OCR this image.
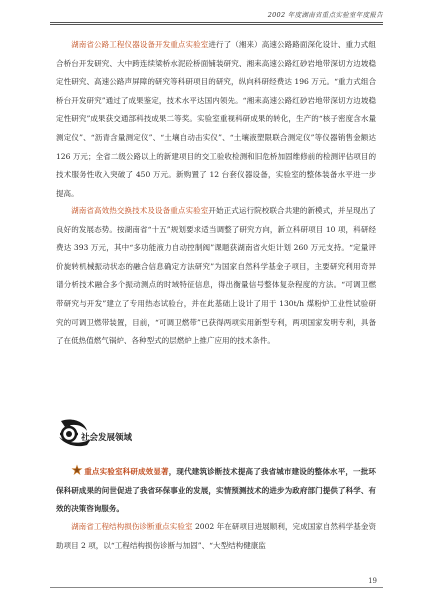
2002 年度湖南省重点实验室年度报告

湖南省公路工程仪器设备开发重点实验室进行了（湘来）高速公路路面深化设计、重力式组合桥台开发研究、大中跨连续梁桥水泥砼桥面铺装研究、湘耒高速公路红砂岩地带深切方边坡稳定性研究、高速公路声屏障的研究等科研项目的研究，纵向科研经费达 196 万元。“重力式组合桥台开发研究”通过了成果鉴定，技术水平达国内领先。“湘耒高速公路红砂岩地带深切方边坡稳定性研究”成果获交通部科技成果二等奖。实验室重视科研成果的转化，生产的“核子密度含水量测定仪”、“沥青含量测定仪”、“土壤自动击实仪”、“土壤液塑限联合测定仪”等仪器销售金额达 126 万元；全省二级公路以上的新建项目的交工验收检测和旧危桥加固维修前的检测评估项目的技术服务性收入突破了 450 万元。新购置了 12 台套仪器设备，实验室的整体装备水平进一步提高。

湖南省高效热交换技术及设备重点实验室开始正式运行院校联合共建的新模式，并呈现出了良好的发展态势。按湖南省“十五”规划要求适当调整了研究方向，新立科研项目 10 项，科研经费达 393 万元，其中“多功能液力自动控制阀”课题获湖南省火炬计划 260 万元支持。“定量评价旋转机械振动状态的融合信息确定方法研究”为国家自然科学基金子项目，主要研究利用奇异谱分析技术融合多个振动测点的时域特征信息，得出衡量信号整体复杂程度的方法。“可调卫燃带研究与开发”建立了专用热态试验台，并在此基础上设计了用于 130t/h 煤粉炉工业性试验研究的可调卫燃带装置，目前，“可调卫燃带”已获得两项实用新型专利，两项国家发明专利，具备了在低热值燃气锅炉、各种型式的层燃炉上推广应用的技术条件。

社会发展领域

重点实验室科研成效显著，现代建筑诊断技术提高了我省城市建设的整体水平，一批环保科研成果的问世促进了我省环保事业的发展，实情预测技术的进步为政府部门提供了科学、有效的决策咨询服务。

湖南省工程结构损伤诊断重点实验室 2002 年在研项目进展顺利，完成国家自然科学基金资助项目 2 项，以“工程结构损伤诊断与加固”、“大型结构健康监

19
